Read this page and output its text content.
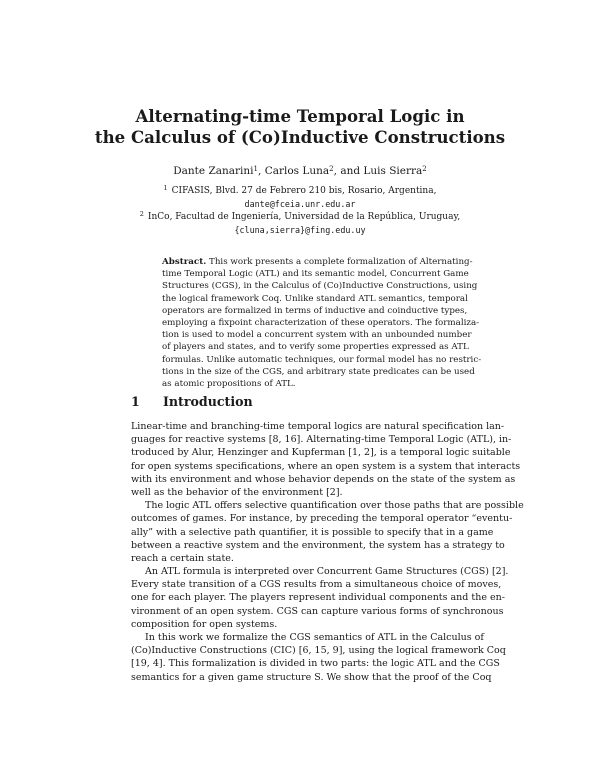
Alternating-time Temporal Logic in
the Calculus of (Co)Inductive Constructions
Dante Zanarini$^1$, Carlos Luna$^2$, and Luis Sierra$^2$
$^1$ CIFASIS, Blvd. 27 de Febrero 210 bis, Rosario, Argentina,
dante@fceia.unr.edu.ar
$^2$ InCo, Facultad de Ingeniería, Universidad de la República, Uruguay,
{cluna,sierra}@fing.edu.uy
Abstract. This work presents a complete formalization of Alternating-
time Temporal Logic (ATL) and its semantic model, Concurrent Game
Structures (CGS), in the Calculus of (Co)Inductive Constructions, using
the logical framework Coq. Unlike standard ATL semantics, temporal
operators are formalized in terms of inductive and coinductive types,
employing a fixpoint characterization of these operators. The formaliza-
tion is used to model a concurrent system with an unbounded number
of players and states, and to verify some properties expressed as ATL
formulas. Unlike automatic techniques, our formal model has no restric-
tions in the size of the CGS, and arbitrary state predicates can be used
as atomic propositions of ATL.
1 Introduction
Linear-time and branching-time temporal logics are natural specification lan-
guages for reactive systems [8, 16]. Alternating-time Temporal Logic (ATL), in-
troduced by Alur, Henzinger and Kupferman [1, 2], is a temporal logic suitable
for open systems specifications, where an open system is a system that interacts
with its environment and whose behavior depends on the state of the system as
well as the behavior of the environment [2].
The logic ATL offers selective quantification over those paths that are possible
outcomes of games. For instance, by preceding the temporal operator “eventu-
ally” with a selective path quantifier, it is possible to specify that in a game
between a reactive system and the environment, the system has a strategy to
reach a certain state.
An ATL formula is interpreted over Concurrent Game Structures (CGS) [2].
Every state transition of a CGS results from a simultaneous choice of moves,
one for each player. The players represent individual components and the en-
vironment of an open system. CGS can capture various forms of synchronous
composition for open systems.
In this work we formalize the CGS semantics of ATL in the Calculus of
(Co)Inductive Constructions (CIC) [6, 15, 9], using the logical framework Coq
[19, 4]. This formalization is divided in two parts: the logic ATL and the CGS
semantics for a given game structure S. We show that the proof of the Coq
